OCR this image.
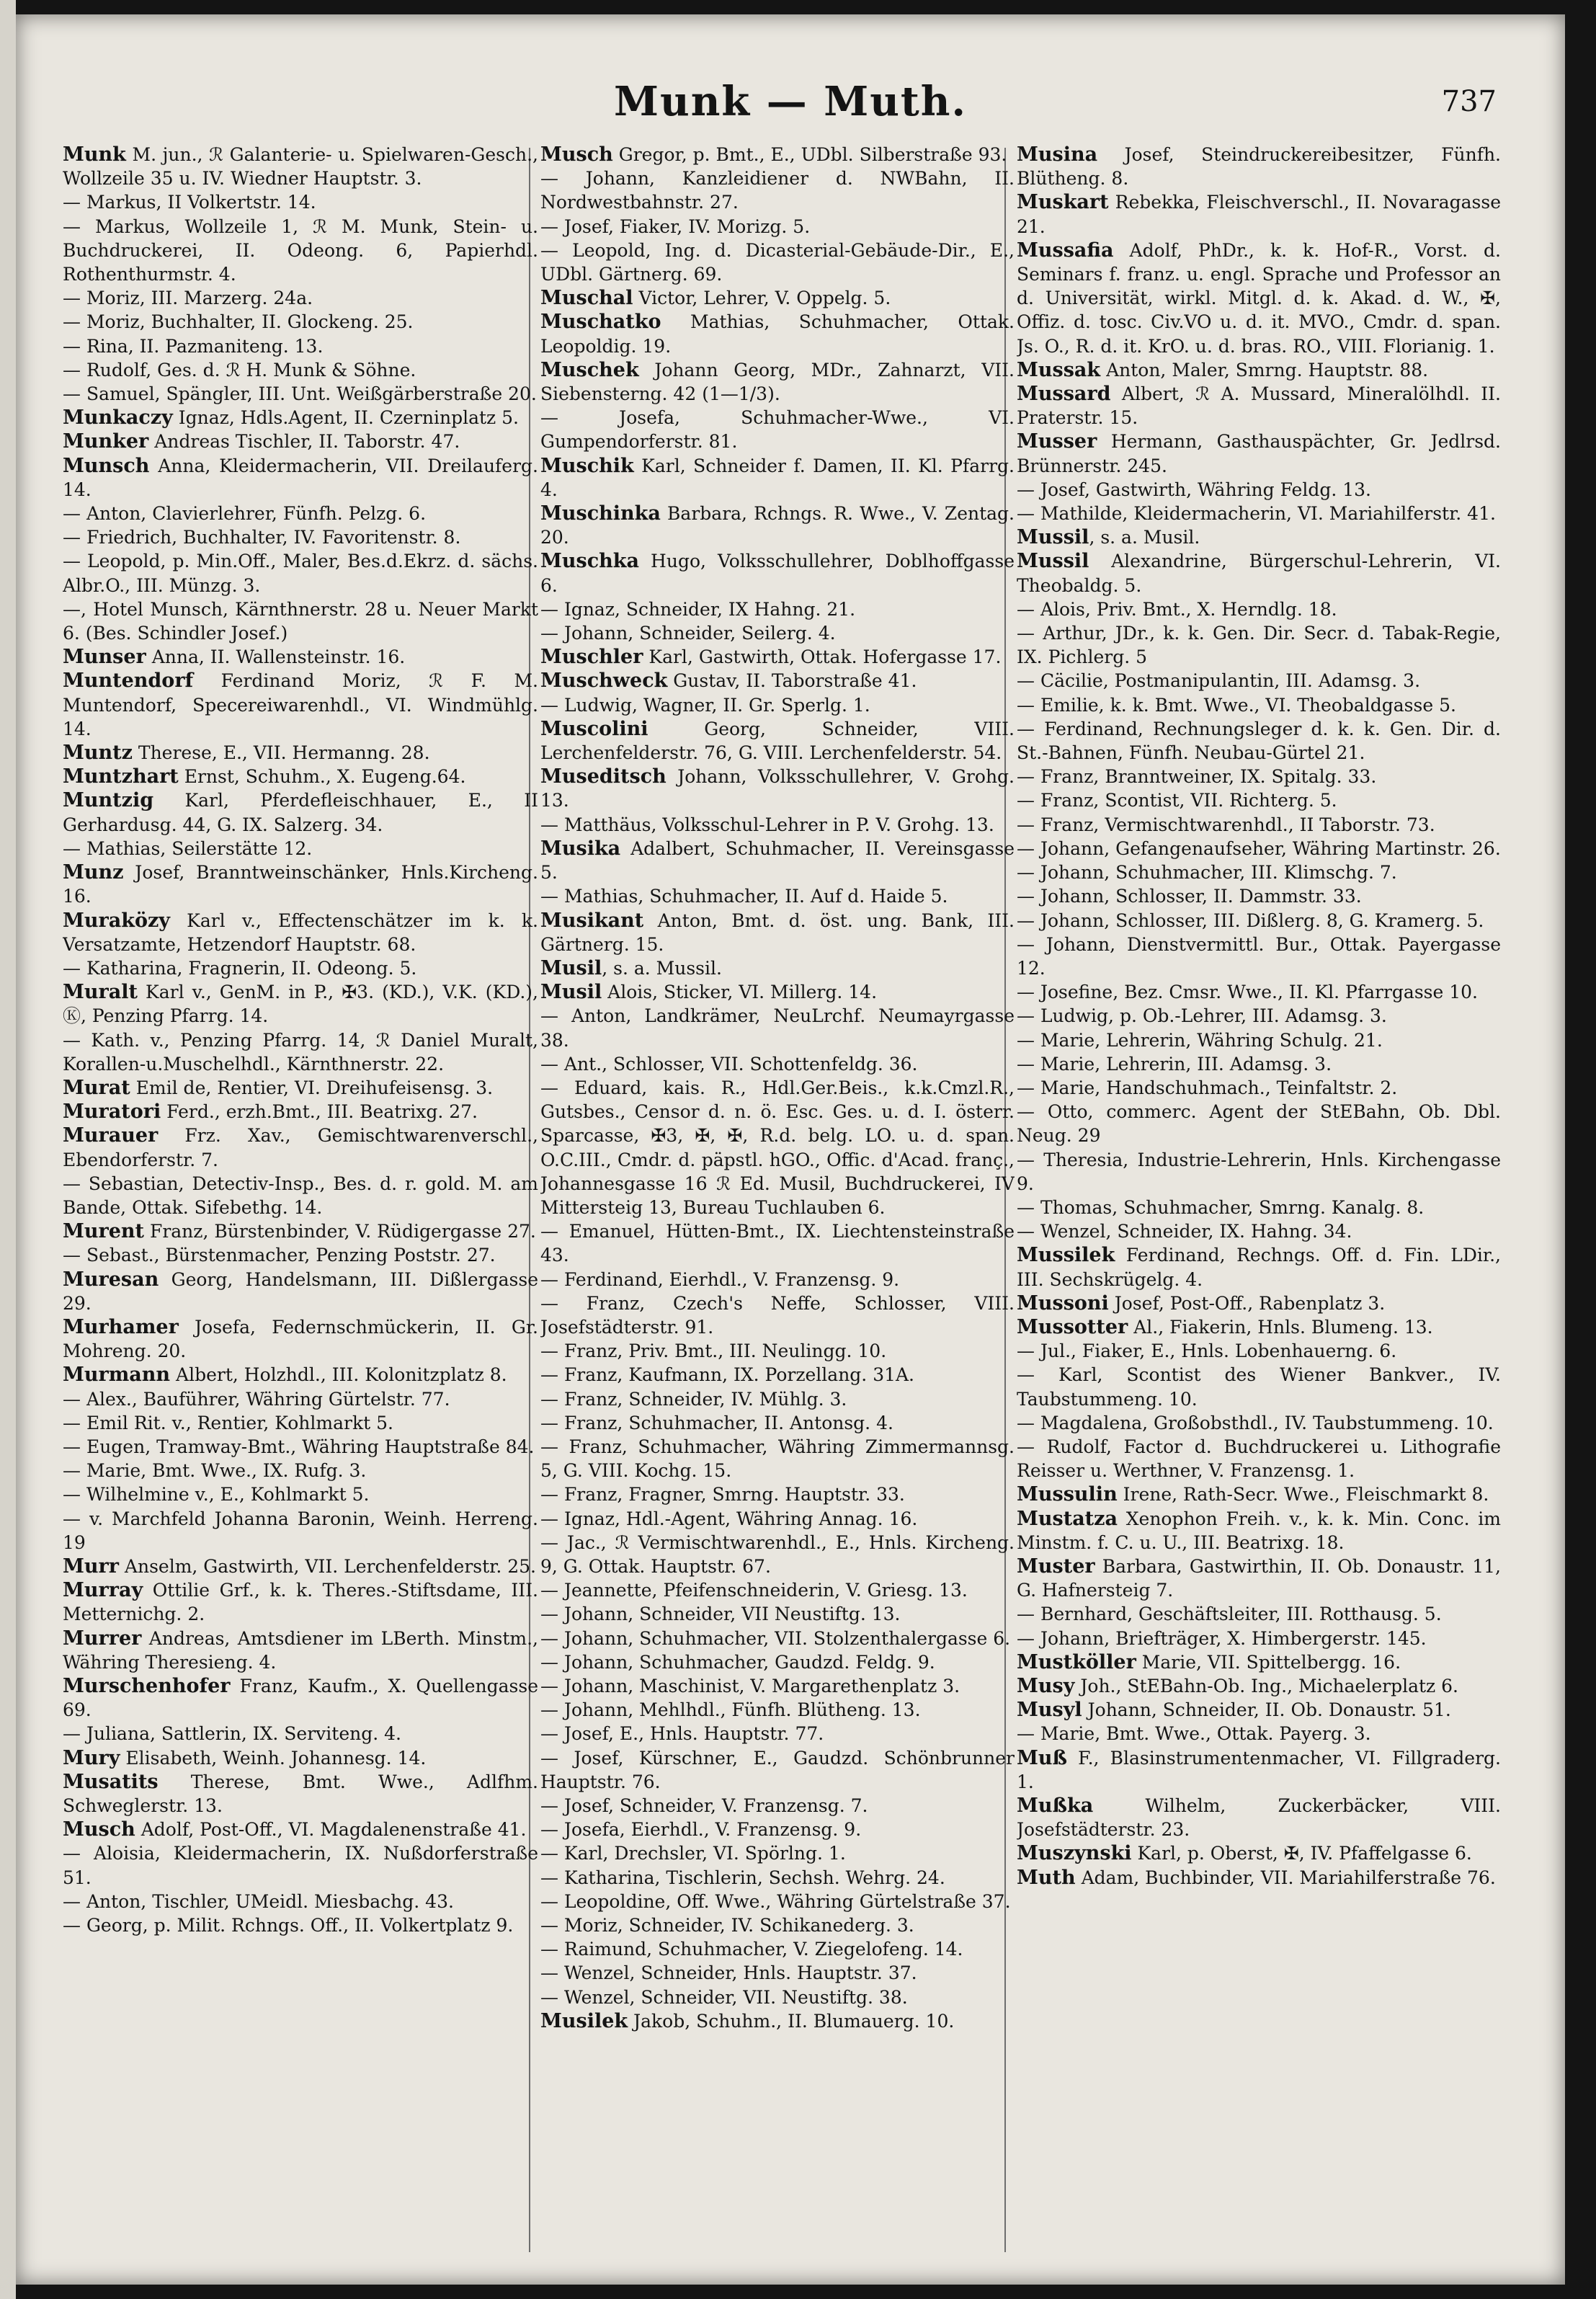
Munk — Muth.	737

Munk M. jun., ℛ Galanterie- u. Spielwaren-Gesch., Wollzeile 35 u. IV. Wiedner Hauptstr. 3.

— Markus, II Volkertstr. 14.

— Markus, Wollzeile 1, ℛ M. Munk, Stein- u. Buchdruckerei, II. Odeong. 6, Papierhdl. Rothenthurmstr. 4.

— Moriz, III. Marzerg. 24a.

— Moriz, Buchhalter, II. Glockeng. 25.

— Rina, II. Pazmaniteng. 13.

— Rudolf, Ges. d. ℛ H. Munk & Söhne.

— Samuel, Spängler, III. Unt. Weißgärberstraße 20.

Munkaczy Ignaz, Hdls.Agent, II. Czerninplatz 5.

Munker Andreas Tischler, II. Taborstr. 47.

Munsch Anna, Kleidermacherin, VII. Dreilauferg. 14.

— Anton, Clavierlehrer, Fünfh. Pelzg. 6.

— Friedrich, Buchhalter, IV. Favoritenstr. 8.

— Leopold, p. Min.Off., Maler, Bes.d.Ekrz. d. sächs. Albr.O., III. Münzg. 3.

—, Hotel Munsch, Kärnthnerstr. 28 u. Neuer Markt 6. (Bes. Schindler Josef.)

Munser Anna, II. Wallensteinstr. 16.

Muntendorf Ferdinand Moriz, ℛ F. M. Muntendorf, Specereiwarenhdl., VI. Windmühlg. 14.

Muntz Therese, E., VII. Hermanng. 28.

Muntzhart Ernst, Schuhm., X. Eugeng.64.

Muntzig Karl, Pferdefleischhauer, E., II Gerhardusg. 44, G. IX. Salzerg. 34.

— Mathias, Seilerstätte 12.

Munz Josef, Branntweinschänker, Hnls.Kircheng. 16.

Muraközy Karl v., Effectenschätzer im k. k. Versatzamte, Hetzendorf Hauptstr. 68.

— Katharina, Fragnerin, II. Odeong. 5.

Muralt Karl v., GenM. in P., ✠3. (KD.), V.K. (KD.), Ⓚ, Penzing Pfarrg. 14.

— Kath. v., Penzing Pfarrg. 14, ℛ Daniel Muralt, Korallen-u.Muschelhdl., Kärnthnerstr. 22.

Murat Emil de, Rentier, VI. Dreihufeisensg. 3.

Muratori Ferd., erzh.Bmt., III. Beatrixg. 27.

Murauer Frz. Xav., Gemischtwarenverschl., Ebendorferstr. 7.

— Sebastian, Detectiv-Insp., Bes. d. r. gold. M. am Bande, Ottak. Sifebethg. 14.

Murent Franz, Bürstenbinder, V. Rüdigergasse 27.

— Sebast., Bürstenmacher, Penzing Poststr. 27.

Muresan Georg, Handelsmann, III. Dißlergasse 29.

Murhamer Josefa, Federnschmückerin, II. Gr. Mohreng. 20.

Murmann Albert, Holzhdl., III. Kolonitzplatz 8.

— Alex., Bauführer, Währing Gürtelstr. 77.

— Emil Rit. v., Rentier, Kohlmarkt 5.

— Eugen, Tramway-Bmt., Währing Hauptstraße 84.

— Marie, Bmt. Wwe., IX. Rufg. 3.

— Wilhelmine v., E., Kohlmarkt 5.

— v. Marchfeld Johanna Baronin, Weinh. Herreng. 19

Murr Anselm, Gastwirth, VII. Lerchenfelderstr. 25.

Murray Ottilie Grf., k. k. Theres.-Stiftsdame, III. Metternichg. 2.

Murrer Andreas, Amtsdiener im LBerth. Minstm., Währing Theresieng. 4.

Murschenhofer Franz, Kaufm., X. Quellengasse 69.

— Juliana, Sattlerin, IX. Serviteng. 4.

Mury Elisabeth, Weinh. Johannesg. 14.

Musatits Therese, Bmt. Wwe., Adlfhm. Schweglerstr. 13.

Musch Adolf, Post-Off., VI. Magdalenenstraße 41.

— Aloisia, Kleidermacherin, IX. Nußdorferstraße 51.

— Anton, Tischler, UMeidl. Miesbachg. 43.

— Georg, p. Milit. Rchngs. Off., II. Volkertplatz 9.

Musch Gregor, p. Bmt., E., UDbl. Silberstraße 93.

— Johann, Kanzleidiener d. NWBahn, II. Nordwestbahnstr. 27.

— Josef, Fiaker, IV. Morizg. 5.

— Leopold, Ing. d. Dicasterial-Gebäude-Dir., E., UDbl. Gärtnerg. 69.

Muschal Victor, Lehrer, V. Oppelg. 5.

Muschatko Mathias, Schuhmacher, Ottak. Leopoldig. 19.

Muschek Johann Georg, MDr., Zahnarzt, VII. Siebensterng. 42 (1—1/3).

— Josefa, Schuhmacher-Wwe., VI. Gumpendorferstr. 81.

Muschik Karl, Schneider f. Damen, II. Kl. Pfarrg. 4.

Muschinka Barbara, Rchngs. R. Wwe., V. Zentag. 20.

Muschka Hugo, Volksschullehrer, Doblhoffgasse 6.

— Ignaz, Schneider, IX Hahng. 21.

— Johann, Schneider, Seilerg. 4.

Muschler Karl, Gastwirth, Ottak. Hofergasse 17.

Muschweck Gustav, II. Taborstraße 41.

— Ludwig, Wagner, II. Gr. Sperlg. 1.

Muscolini Georg, Schneider, VIII. Lerchenfelderstr. 76, G. VIII. Lerchenfelderstr. 54.

Museditsch Johann, Volksschullehrer, V. Grohg. 13.

— Matthäus, Volksschul-Lehrer in P. V. Grohg. 13.

Musika Adalbert, Schuhmacher, II. Vereinsgasse 5.

— Mathias, Schuhmacher, II. Auf d. Haide 5.

Musikant Anton, Bmt. d. öst. ung. Bank, III. Gärtnerg. 15.

Musil, s. a. Mussil.

Musil Alois, Sticker, VI. Millerg. 14.

— Anton, Landkrämer, NeuLrchf. Neumayrgasse 38.

— Ant., Schlosser, VII. Schottenfeldg. 36.

— Eduard, kais. R., Hdl.Ger.Beis., k.k.Cmzl.R., Gutsbes., Censor d. n. ö. Esc. Ges. u. d. I. österr. Sparcasse, ✠3, ✠, ✠, R.d. belg. LO. u. d. span. O.C.III., Cmdr. d. päpstl. hGO., Offic. d'Acad. franç., Johannesgasse 16 ℛ Ed. Musil, Buchdruckerei, IV Mittersteig 13, Bureau Tuchlauben 6.

— Emanuel, Hütten-Bmt., IX. Liechtensteinstraße 43.

— Ferdinand, Eierhdl., V. Franzensg. 9.

— Franz, Czech's Neffe, Schlosser, VIII. Josefstädterstr. 91.

— Franz, Priv. Bmt., III. Neulingg. 10.

— Franz, Kaufmann, IX. Porzellang. 31A.

— Franz, Schneider, IV. Mühlg. 3.

— Franz, Schuhmacher, II. Antonsg. 4.

— Franz, Schuhmacher, Währing Zimmermannsg. 5, G. VIII. Kochg. 15.

— Franz, Fragner, Smrng. Hauptstr. 33.

— Ignaz, Hdl.-Agent, Währing Annag. 16.

— Jac., ℛ Vermischtwarenhdl., E., Hnls. Kircheng. 9, G. Ottak. Hauptstr. 67.

— Jeannette, Pfeifenschneiderin, V. Griesg. 13.

— Johann, Schneider, VII Neustiftg. 13.

— Johann, Schuhmacher, VII. Stolzenthalergasse 6.

— Johann, Schuhmacher, Gaudzd. Feldg. 9.

— Johann, Maschinist, V. Margarethenplatz 3.

— Johann, Mehlhdl., Fünfh. Blütheng. 13.

— Josef, E., Hnls. Hauptstr. 77.

— Josef, Kürschner, E., Gaudzd. Schönbrunner Hauptstr. 76.

— Josef, Schneider, V. Franzensg. 7.

— Josefa, Eierhdl., V. Franzensg. 9.

— Karl, Drechsler, VI. Spörlng. 1.

— Katharina, Tischlerin, Sechsh. Wehrg. 24.

— Leopoldine, Off. Wwe., Währing Gürtelstraße 37.

— Moriz, Schneider, IV. Schikanederg. 3.

— Raimund, Schuhmacher, V. Ziegelofeng. 14.

— Wenzel, Schneider, Hnls. Hauptstr. 37.

— Wenzel, Schneider, VII. Neustiftg. 38.

Musilek Jakob, Schuhm., II. Blumauerg. 10.

Musina Josef, Steindruckereibesitzer, Fünfh. Blütheng. 8.

Muskart Rebekka, Fleischverschl., II. Novaragasse 21.

Mussafia Adolf, PhDr., k. k. Hof-R., Vorst. d. Seminars f. franz. u. engl. Sprache und Professor an d. Universität, wirkl. Mitgl. d. k. Akad. d. W., ✠, Offiz. d. tosc. Civ.VO u. d. it. MVO., Cmdr. d. span. Js. O., R. d. it. KrO. u. d. bras. RO., VIII. Florianig. 1.

Mussak Anton, Maler, Smrng. Hauptstr. 88.

Mussard Albert, ℛ A. Mussard, Mineralölhdl. II. Praterstr. 15.

Musser Hermann, Gasthauspächter, Gr. Jedlrsd. Brünnerstr. 245.

— Josef, Gastwirth, Währing Feldg. 13.

— Mathilde, Kleidermacherin, VI. Mariahilferstr. 41.

Mussil, s. a. Musil.

Mussil Alexandrine, Bürgerschul-Lehrerin, VI. Theobaldg. 5.

— Alois, Priv. Bmt., X. Herndlg. 18.

— Arthur, JDr., k. k. Gen. Dir. Secr. d. Tabak-Regie, IX. Pichlerg. 5

— Cäcilie, Postmanipulantin, III. Adamsg. 3.

— Emilie, k. k. Bmt. Wwe., VI. Theobaldgasse 5.

— Ferdinand, Rechnungsleger d. k. k. Gen. Dir. d. St.-Bahnen, Fünfh. Neubau-Gürtel 21.

— Franz, Branntweiner, IX. Spitalg. 33.

— Franz, Scontist, VII. Richterg. 5.

— Franz, Vermischtwarenhdl., II Taborstr. 73.

— Johann, Gefangenaufseher, Währing Martinstr. 26.

— Johann, Schuhmacher, III. Klimschg. 7.

— Johann, Schlosser, II. Dammstr. 33.

— Johann, Schlosser, III. Dißlerg. 8, G. Kramerg. 5.

— Johann, Dienstvermittl. Bur., Ottak. Payergasse 12.

— Josefine, Bez. Cmsr. Wwe., II. Kl. Pfarrgasse 10.

— Ludwig, p. Ob.-Lehrer, III. Adamsg. 3.

— Marie, Lehrerin, Währing Schulg. 21.

— Marie, Lehrerin, III. Adamsg. 3.

— Marie, Handschuhmach., Teinfaltstr. 2.

— Otto, commerc. Agent der StEBahn, Ob. Dbl. Neug. 29

— Theresia, Industrie-Lehrerin, Hnls. Kirchengasse 9.

— Thomas, Schuhmacher, Smrng. Kanalg. 8.

— Wenzel, Schneider, IX. Hahng. 34.

Mussilek Ferdinand, Rechngs. Off. d. Fin. LDir., III. Sechskrügelg. 4.

Mussoni Josef, Post-Off., Rabenplatz 3.

Mussotter Al., Fiakerin, Hnls. Blumeng. 13.

— Jul., Fiaker, E., Hnls. Lobenhauerng. 6.

— Karl, Scontist des Wiener Bankver., IV. Taubstummeng. 10.

— Magdalena, Großobsthdl., IV. Taubstummeng. 10.

— Rudolf, Factor d. Buchdruckerei u. Lithografie Reisser u. Werthner, V. Franzensg. 1.

Mussulin Irene, Rath-Secr. Wwe., Fleischmarkt 8.

Mustatza Xenophon Freih. v., k. k. Min. Conc. im Minstm. f. C. u. U., III. Beatrixg. 18.

Muster Barbara, Gastwirthin, II. Ob. Donaustr. 11, G. Hafnersteig 7.

— Bernhard, Geschäftsleiter, III. Rotthausg. 5.

— Johann, Briefträger, X. Himbergerstr. 145.

Mustköller Marie, VII. Spittelbergg. 16.

Musy Joh., StEBahn-Ob. Ing., Michaelerplatz 6.

Musyl Johann, Schneider, II. Ob. Donaustr. 51.

— Marie, Bmt. Wwe., Ottak. Payerg. 3.

Muß F., Blasinstrumentenmacher, VI. Fillgraderg. 1.

Mußka Wilhelm, Zuckerbäcker, VIII. Josefstädterstr. 23.

Muszynski Karl, p. Oberst, ✠, IV. Pfaffelgasse 6.

Muth Adam, Buchbinder, VII. Mariahilferstraße 76.
